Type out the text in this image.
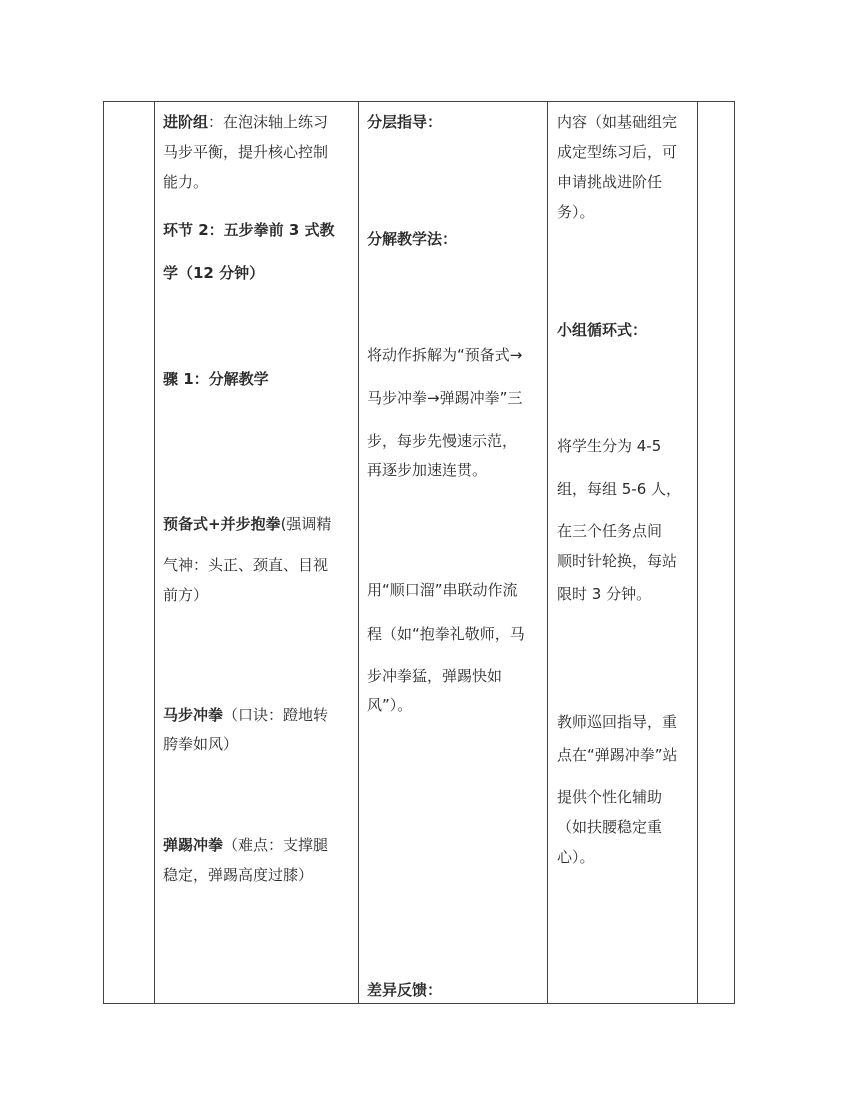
进阶组：在泡沫轴上练习
马步平衡，提升核心控制
能力。
环节 2：五步拳前 3 式教
学（12 分钟）
骤 1：分解教学
预备式+并步抱拳(强调精
气神：头正、颈直、目视
前方）
马步冲拳（口诀：蹬地转
胯拳如风）
弹踢冲拳（难点：支撑腿
稳定，弹踢高度过膝）
分层指导：
分解教学法：
将动作拆解为“预备式→
马步冲拳→弹踢冲拳”三
步，每步先慢速示范，
再逐步加速连贯。
用“顺口溜”串联动作流
程（如“抱拳礼敬师，马
步冲拳猛，弹踢快如
风”）。
差异反馈：
内容（如基础组完
成定型练习后，可
申请挑战进阶任
务）。
小组循环式：
将学生分为 4-5
组，每组 5-6 人，
在三个任务点间
顺时针轮换，每站
限时 3 分钟。
教师巡回指导，重
点在“弹踢冲拳”站
提供个性化辅助
（如扶腰稳定重
心）。
